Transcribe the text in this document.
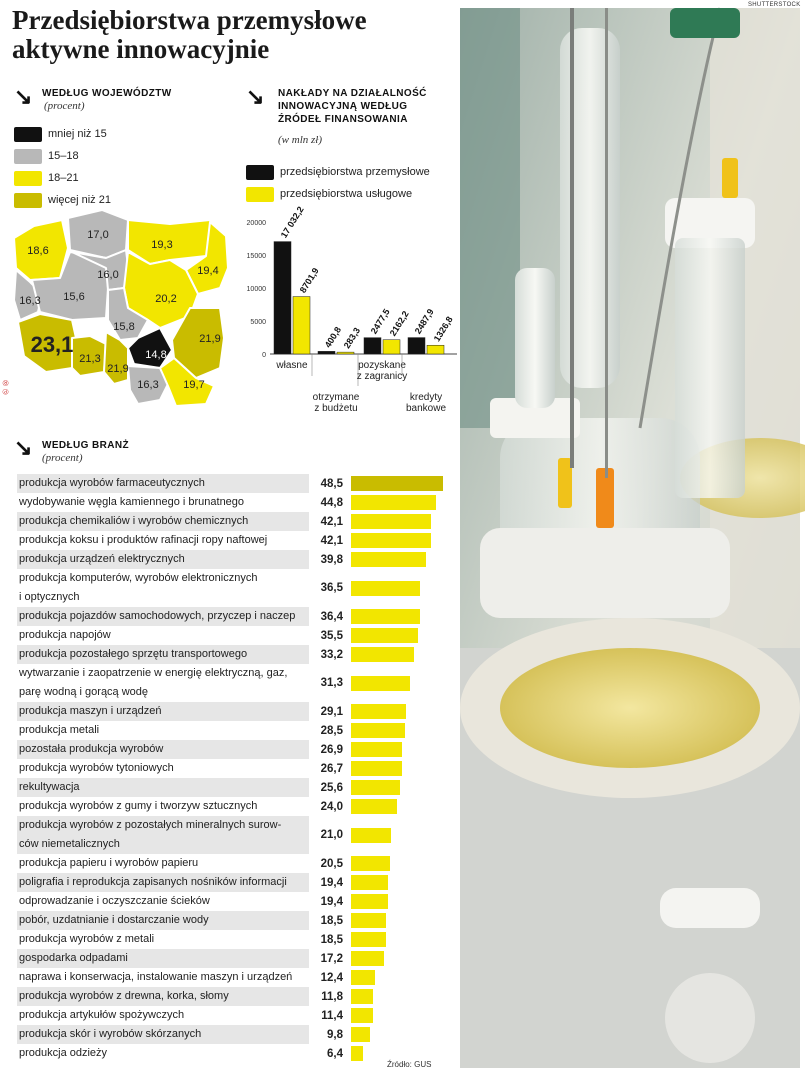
Przedsiębiorstwa przemysłowe aktywne innowacyjnie
↘ WEDŁUG WOJEWÓDZTW
(procent)
mniej niż 15
15–18
18–21
więcej niż 21
17,0
19,3
18,6
16,0	19,4
16,3 15,6	20,2
15,8
21,9
23,1
21,3	14,8
21,9
16,3 19,7
℗®
↘ NAKŁADY NA DZIAŁALNOŚĆ INNOWACYJNĄ WEDŁUG ŹRÓDEŁ FINANSOWANIA
(w mln zł)
przedsiębiorstwa przemysłowe
przedsiębiorstwa usługowe
0
5000
10000
15000
20000 17 032,2
8701,9
własne
400,8
283,3
otrzymane
z budżetu
2477,5
2162,2
pozyskane
z zagranicy
2487,9
1326,8
kredyty
bankowe
↘ WEDŁUG BRANŻ
(procent)
produkcja wyrobów farmaceutycznych	48,5
wydobywanie węgla kamiennego i brunatnego	44,8
produkcja chemikaliów i wyrobów chemicznych	42,1
produkcja koksu i produktów rafinacji ropy naftowej	42,1
produkcja urządzeń elektrycznych	39,8
produkcja komputerów, wyrobów elektronicznych
i optycznych
36,5
produkcja pojazdów samochodowych, przyczep i naczep	36,4
produkcja napojów	35,5
produkcja pozostałego sprzętu transportowego	33,2
wytwarzanie i zaopatrzenie w energię elektryczną, gaz,
parę wodną i gorącą wodę
31,3
produkcja maszyn i urządzeń	29,1
produkcja metali	28,5
pozostała produkcja wyrobów	26,9
produkcja wyrobów tytoniowych	26,7
rekultywacja	25,6
produkcja wyrobów z gumy i tworzyw sztucznych	24,0
produkcja wyrobów z pozostałych mineralnych surow-
ców niemetalicznych
21,0
produkcja papieru i wyrobów papieru	20,5
poligrafia i reprodukcja zapisanych nośników informacji	19,4
odprowadzanie i oczyszczanie ścieków	19,4
pobór, uzdatnianie i dostarczanie wody	18,5
produkcja wyrobów z metali	18,5
gospodarka odpadami	17,2
naprawa i konserwacja, instalowanie maszyn i urządzeń	12,4
produkcja wyrobów z drewna, korka, słomy	11,8
produkcja artykułów spożywczych	11,4
produkcja skór i wyrobów skórzanych	9,8
produkcja odzieży	6,4
Źródło: GUS
SHUTTERSTOCK
